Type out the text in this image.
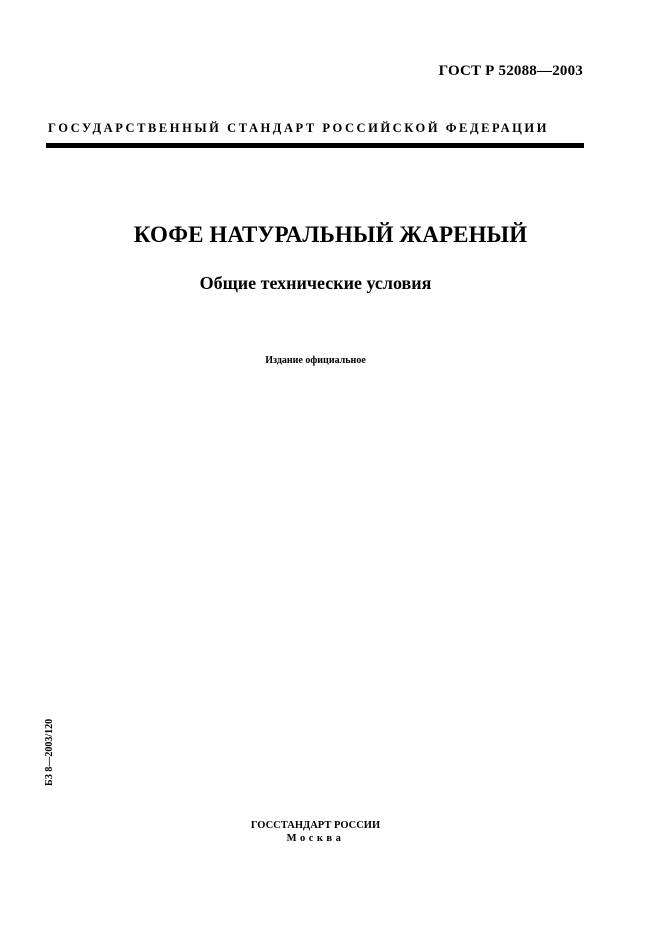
ГОСТ Р 52088—2003
ГОСУДАРСТВЕННЫЙ СТАНДАРТ РОССИЙСКОЙ ФЕДЕРАЦИИ
КОФЕ НАТУРАЛЬНЫЙ ЖАРЕНЫЙ
Общие технические условия
Издание официальное
БЗ 8—2003/120
ГОССТАНДАРТ РОССИИ
Москва
